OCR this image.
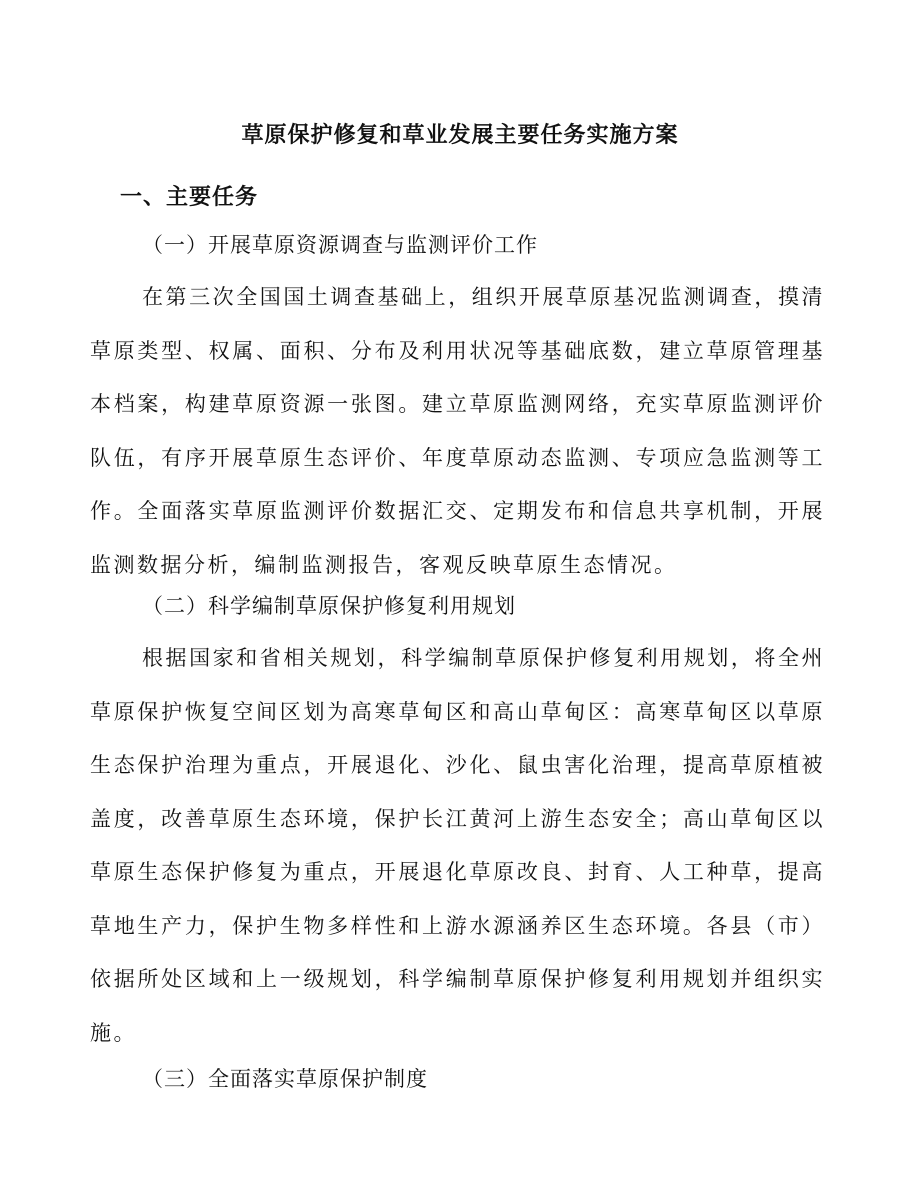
草原保护修复和草业发展主要任务实施方案
一、主要任务
（一）开展草原资源调查与监测评价工作

在第三次全国国土调查基础上，组织开展草原基况监测调查，摸清草原类型、权属、面积、分布及利用状况等基础底数，建立草原管理基本档案，构建草原资源一张图。建立草原监测网络，充实草原监测评价队伍，有序开展草原生态评价、年度草原动态监测、专项应急监测等工作。全面落实草原监测评价数据汇交、定期发布和信息共享机制，开展监测数据分析，编制监测报告，客观反映草原生态情况。

（二）科学编制草原保护修复利用规划

根据国家和省相关规划，科学编制草原保护修复利用规划，将全州草原保护恢复空间区划为高寒草甸区和高山草甸区：高寒草甸区以草原生态保护治理为重点，开展退化、沙化、鼠虫害化治理，提高草原植被盖度，改善草原生态环境，保护长江黄河上游生态安全；高山草甸区以草原生态保护修复为重点，开展退化草原改良、封育、人工种草，提高草地生产力，保护生物多样性和上游水源涵养区生态环境。各县（市）依据所处区域和上一级规划，科学编制草原保护修复利用规划并组织实施。

（三）全面落实草原保护制度
